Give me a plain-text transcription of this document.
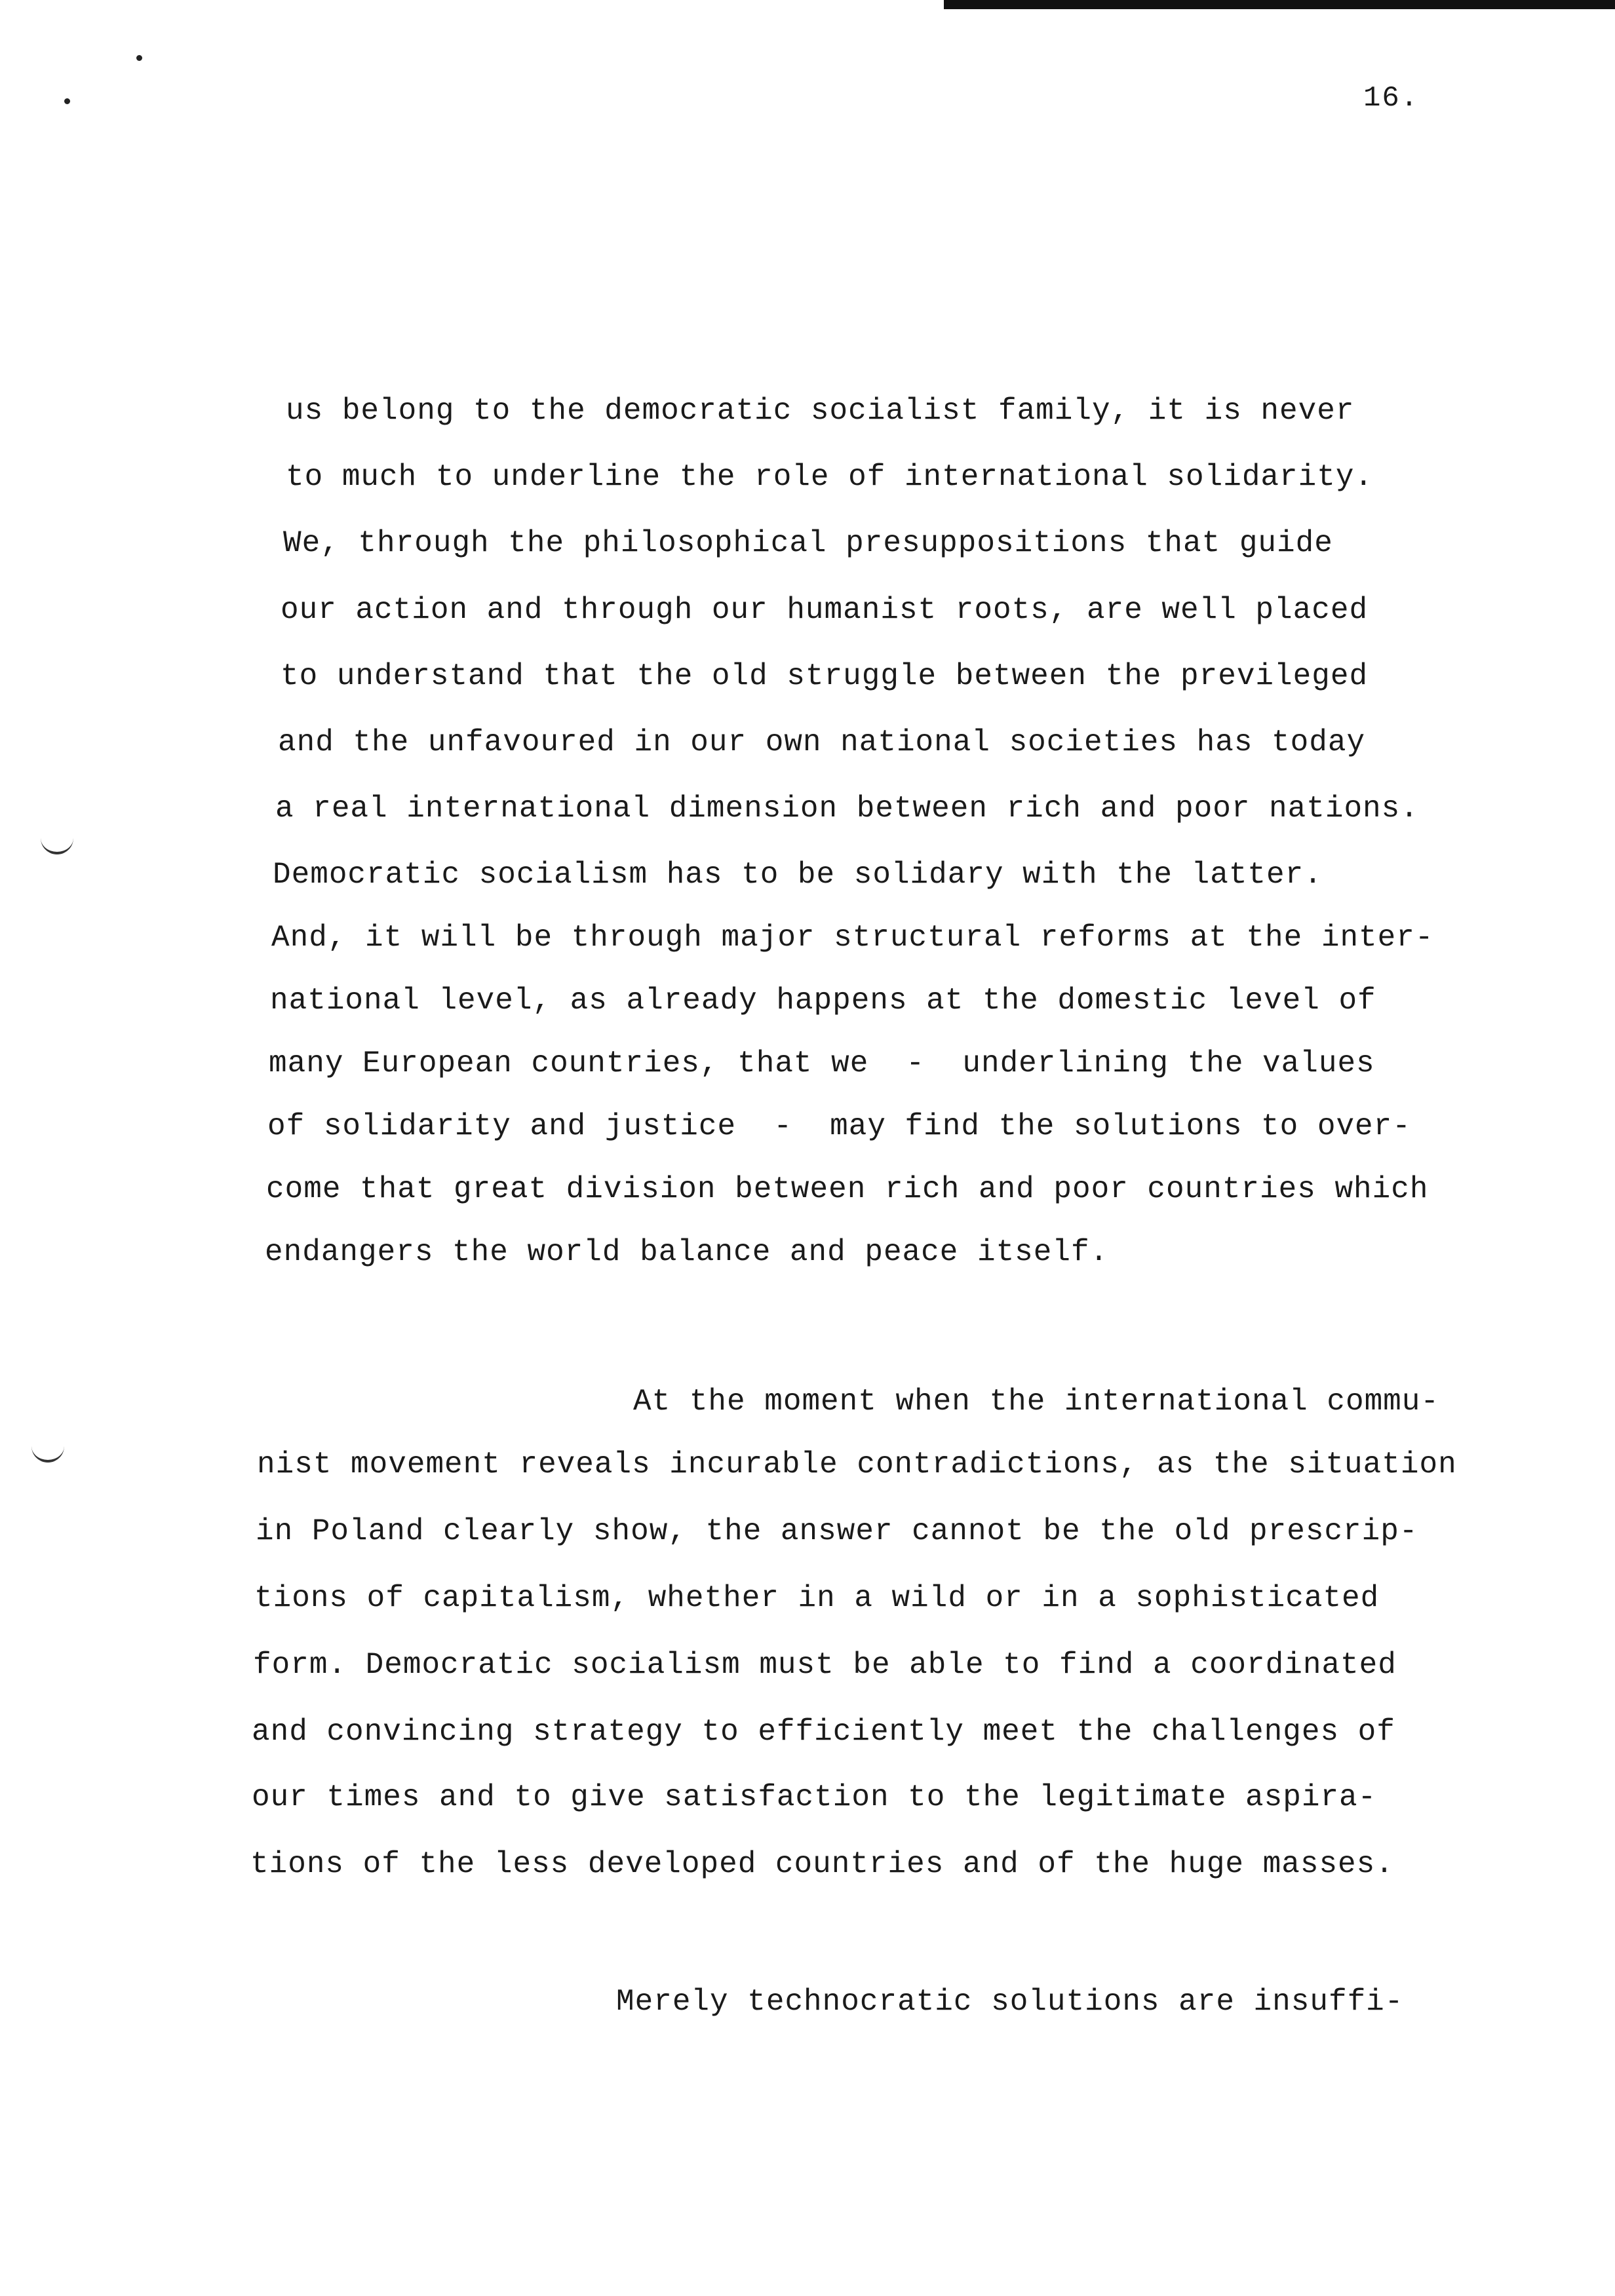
16.
us belong to the democratic socialist family, it is never
to much to underline the role of international solidarity.
We, through the philosophical presuppositions that guide
our action and through our humanist roots, are well placed
to understand that the old struggle between the previleged
and the unfavoured in our own national societies has today
a real international dimension between rich and poor nations.
Democratic socialism has to be solidary with the latter.
And, it will be through major structural reforms at the inter-
national level, as already happens at the domestic level of
many European countries, that we  -  underlining the values
of solidarity and justice  -  may find the solutions to over-
come that great division between rich and poor countries which
endangers the world balance and peace itself.
At the moment when the international commu-
nist movement reveals incurable contradictions, as the situation
in Poland clearly show, the answer cannot be the old prescrip-
tions of capitalism, whether in a wild or in a sophisticated
form. Democratic socialism must be able to find a coordinated
and convincing strategy to efficiently meet the challenges of
our times and to give satisfaction to the legitimate aspira-
tions of the less developed countries and of the huge masses.
Merely technocratic solutions are insuffi-
